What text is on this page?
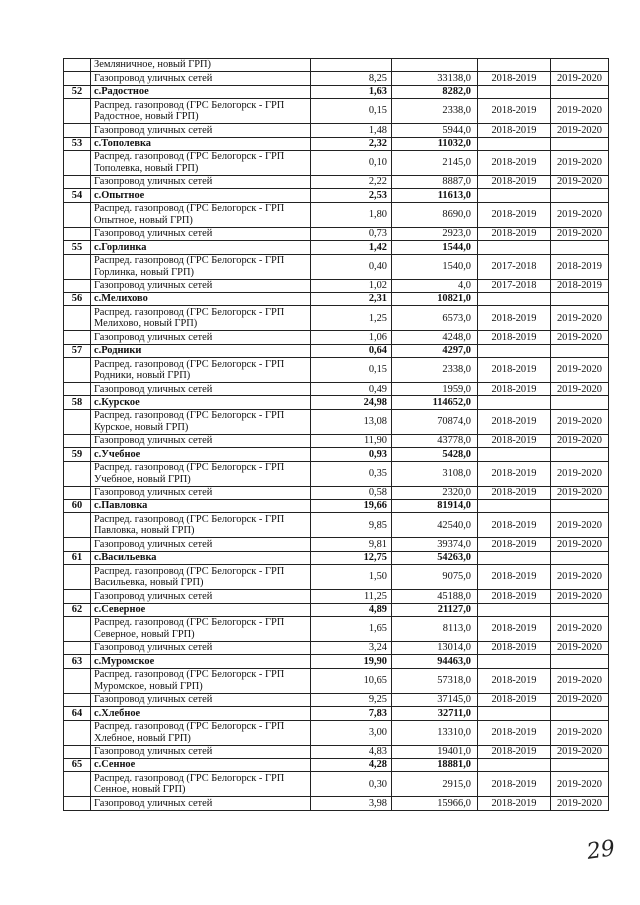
	Земляничное, новый ГРП)				
	Газопровод уличных сетей	8,25	33138,0	2018-2019	2019-2020
52	с.Радостное	1,63	8282,0		
	Распред. газопровод (ГРС Белогорск - ГРП Радостное, новый ГРП)	0,15	2338,0	2018-2019	2019-2020
	Газопровод уличных сетей	1,48	5944,0	2018-2019	2019-2020
53	с.Тополевка	2,32	11032,0		
	Распред. газопровод (ГРС Белогорск - ГРП Тополевка, новый ГРП)	0,10	2145,0	2018-2019	2019-2020
	Газопровод уличных сетей	2,22	8887,0	2018-2019	2019-2020
54	с.Опытное	2,53	11613,0		
	Распред. газопровод (ГРС Белогорск - ГРП Опытное, новый ГРП)	1,80	8690,0	2018-2019	2019-2020
	Газопровод уличных сетей	0,73	2923,0	2018-2019	2019-2020
55	с.Горлинка	1,42	1544,0		
	Распред. газопровод (ГРС Белогорск - ГРП Горлинка, новый ГРП)	0,40	1540,0	2017-2018	2018-2019
	Газопровод уличных сетей	1,02	4,0	2017-2018	2018-2019
56	с.Мелихово	2,31	10821,0		
	Распред. газопровод (ГРС Белогорск - ГРП Мелихово, новый ГРП)	1,25	6573,0	2018-2019	2019-2020
	Газопровод уличных сетей	1,06	4248,0	2018-2019	2019-2020
57	с.Родники	0,64	4297,0		
	Распред. газопровод (ГРС Белогорск - ГРП Родники, новый ГРП)	0,15	2338,0	2018-2019	2019-2020
	Газопровод уличных сетей	0,49	1959,0	2018-2019	2019-2020
58	с.Курское	24,98	114652,0		
	Распред. газопровод (ГРС Белогорск - ГРП Курское, новый ГРП)	13,08	70874,0	2018-2019	2019-2020
	Газопровод уличных сетей	11,90	43778,0	2018-2019	2019-2020
59	с.Учебное	0,93	5428,0		
	Распред. газопровод (ГРС Белогорск - ГРП Учебное, новый ГРП)	0,35	3108,0	2018-2019	2019-2020
	Газопровод уличных сетей	0,58	2320,0	2018-2019	2019-2020
60	с.Павловка	19,66	81914,0		
	Распред. газопровод (ГРС Белогорск - ГРП Павловка, новый ГРП)	9,85	42540,0	2018-2019	2019-2020
	Газопровод уличных сетей	9,81	39374,0	2018-2019	2019-2020
61	с.Васильевка	12,75	54263,0		
	Распред. газопровод (ГРС Белогорск - ГРП Васильевка, новый ГРП)	1,50	9075,0	2018-2019	2019-2020
	Газопровод уличных сетей	11,25	45188,0	2018-2019	2019-2020
62	с.Северное	4,89	21127,0		
	Распред. газопровод (ГРС Белогорск - ГРП Северное, новый ГРП)	1,65	8113,0	2018-2019	2019-2020
	Газопровод уличных сетей	3,24	13014,0	2018-2019	2019-2020
63	с.Муромское	19,90	94463,0		
	Распред. газопровод (ГРС Белогорск - ГРП Муромское, новый ГРП)	10,65	57318,0	2018-2019	2019-2020
	Газопровод уличных сетей	9,25	37145,0	2018-2019	2019-2020
64	с.Хлебное	7,83	32711,0		
	Распред. газопровод (ГРС Белогорск - ГРП Хлебное, новый ГРП)	3,00	13310,0	2018-2019	2019-2020
	Газопровод уличных сетей	4,83	19401,0	2018-2019	2019-2020
65	с.Сенное	4,28	18881,0		
	Распред. газопровод (ГРС Белогорск - ГРП Сенное, новый ГРП)	0,30	2915,0	2018-2019	2019-2020
	Газопровод уличных сетей	3,98	15966,0	2018-2019	2019-2020
29
